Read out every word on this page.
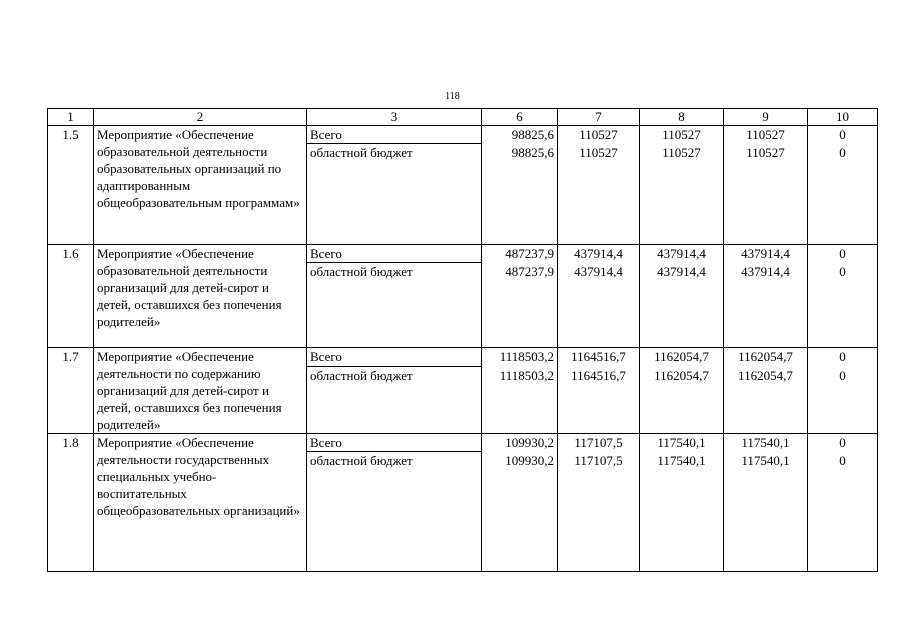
118
1	2	3	6	7	8	9	10
1.5	Мероприятие «Обеспечение образовательной деятельности образовательных организаций по адаптированным общеобразовательным программам»	Всего	98825,6	110527	110527	110527	0
		областной бюджет	98825,6	110527	110527	110527	0
1.6	Мероприятие «Обеспечение образовательной деятельности организаций для детей-сирот и детей, оставшихся без попечения родителей»	Всего	487237,9	437914,4	437914,4	437914,4	0
		областной бюджет	487237,9	437914,4	437914,4	437914,4	0
1.7	Мероприятие «Обеспечение деятельности по содержанию организаций для детей-сирот и детей, оставшихся без попечения родителей»	Всего	1118503,2	1164516,7	1162054,7	1162054,7	0
		областной бюджет	1118503,2	1164516,7	1162054,7	1162054,7	0
1.8	Мероприятие «Обеспечение деятельности государственных специальных учебно-воспитательных общеобразовательных организаций»	Всего	109930,2	117107,5	117540,1	117540,1	0
		областной бюджет	109930,2	117107,5	117540,1	117540,1	0
